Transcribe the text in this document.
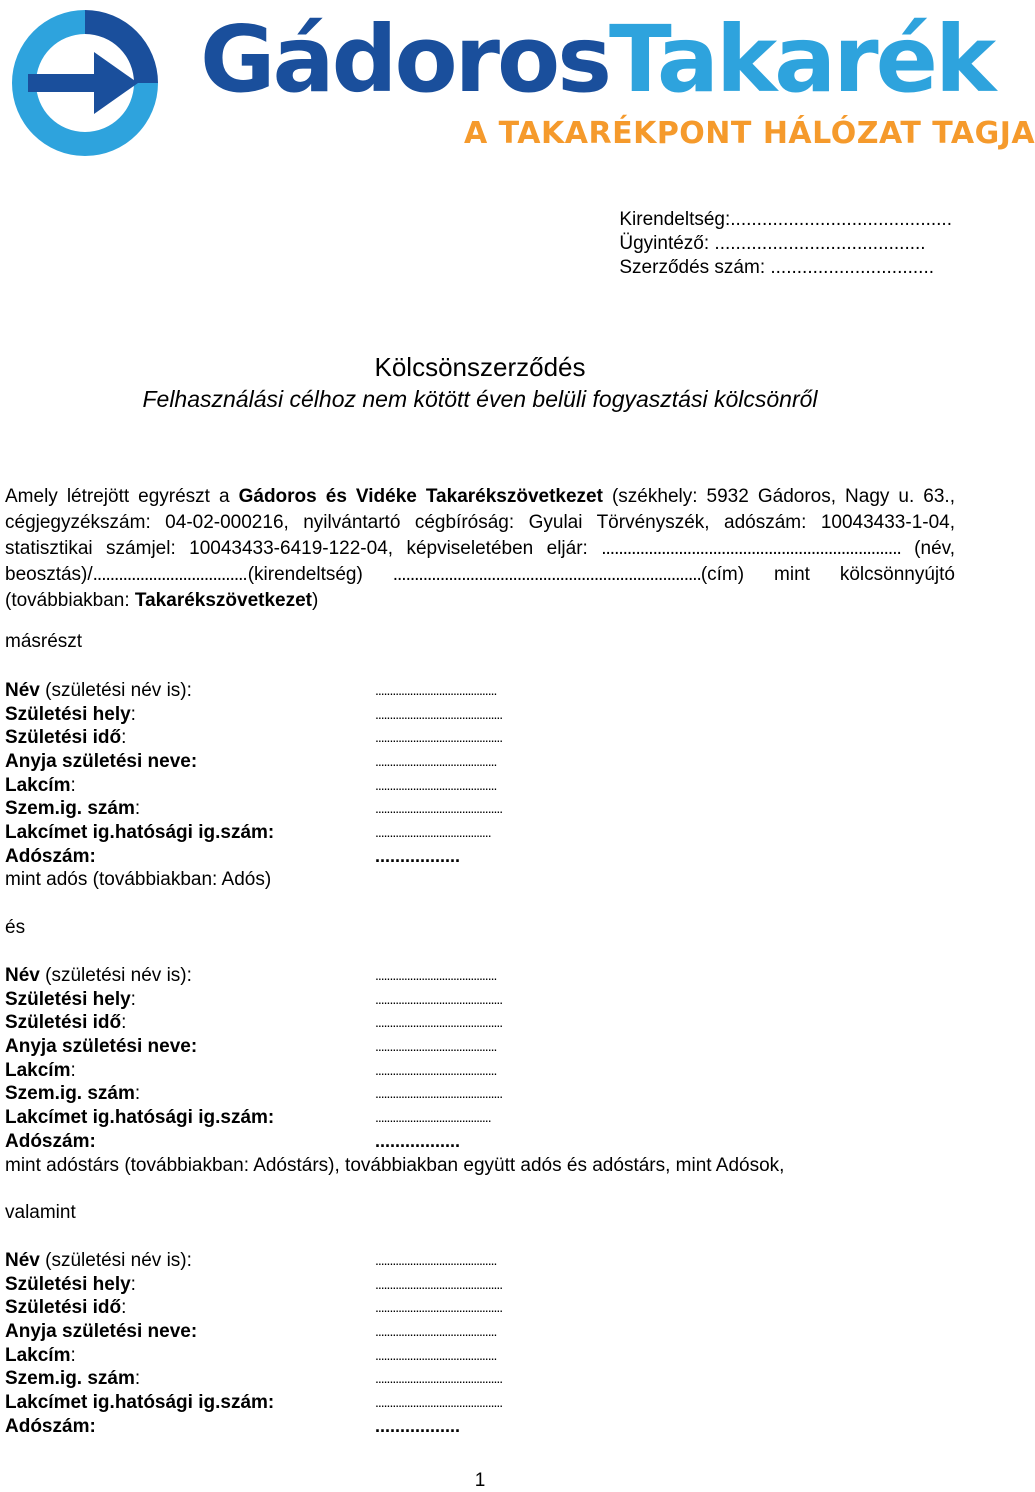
GádorosTakarék
A TAKARÉKPONT HÁLÓZAT TAGJA
Kirendeltség:..........................................
Ügyintéző: ........................................
Szerződés szám: ...............................
Kölcsönszerződés
Felhasználási célhoz nem kötött éven belüli fogyasztási kölcsönről
Amely létrejött egyrészt a Gádoros és Vidéke Takarékszövetkezet (székhely: 5932 Gádoros, Nagy u. 63., cégjegyzékszám: 04-02-000216, nyilvántartó cégbíróság: Gyulai Törvényszék, adószám: 10043433-1-04, statisztikai számjel: 10043433-6419-122-04, képviseletében eljár: ...................................................................... (név, beosztás)/....................................(kirendeltség) ........................................................................(cím) mint kölcsönnyújtó (továbbiakban: Takarékszövetkezet)
másrészt
Név (születési név is):	..........................................
Születési hely:	............................................
Születési idő:	............................................
Anyja születési neve:	..........................................
Lakcím:	..........................................
Szem.ig. szám:	............................................
Lakcímet ig.hatósági ig.szám:	........................................
Adószám:	.................
mint adós (továbbiakban: Adós)
és
Név (születési név is):	..........................................
Születési hely:	............................................
Születési idő:	............................................
Anyja születési neve:	..........................................
Lakcím:	..........................................
Szem.ig. szám:	............................................
Lakcímet ig.hatósági ig.szám:	........................................
Adószám:	.................
mint adóstárs (továbbiakban: Adóstárs), továbbiakban együtt adós és adóstárs, mint Adósok,
valamint
Név (születési név is):	..........................................
Születési hely:	............................................
Születési idő:	............................................
Anyja születési neve:	..........................................
Lakcím:	..........................................
Szem.ig. szám:	............................................
Lakcímet ig.hatósági ig.szám:	............................................
Adószám:	.................
1
